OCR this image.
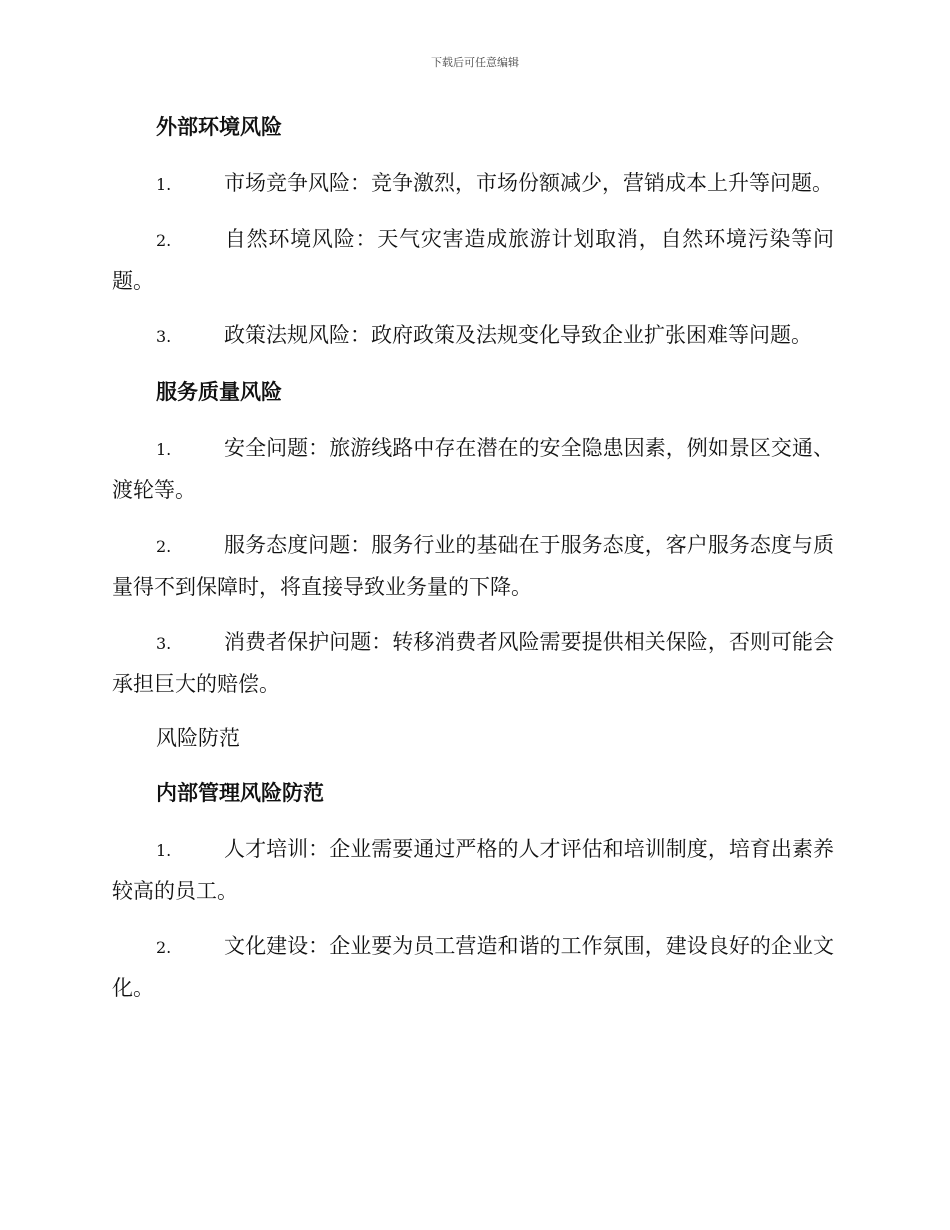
下载后可任意编辑
外部环境风险
1.	市场竞争风险：竞争激烈，市场份额减少，营销成本上升等问题。
2.	自然环境风险：天气灾害造成旅游计划取消，自然环境污染等问题。
3.	政策法规风险：政府政策及法规变化导致企业扩张困难等问题。
服务质量风险
1.	安全问题：旅游线路中存在潜在的安全隐患因素，例如景区交通、渡轮等。
2.	服务态度问题：服务行业的基础在于服务态度，客户服务态度与质量得不到保障时，将直接导致业务量的下降。
3.	消费者保护问题：转移消费者风险需要提供相关保险，否则可能会承担巨大的赔偿。
风险防范
内部管理风险防范
1.	人才培训：企业需要通过严格的人才评估和培训制度，培育出素养较高的员工。
2.	文化建设：企业要为员工营造和谐的工作氛围，建设良好的企业文化。
